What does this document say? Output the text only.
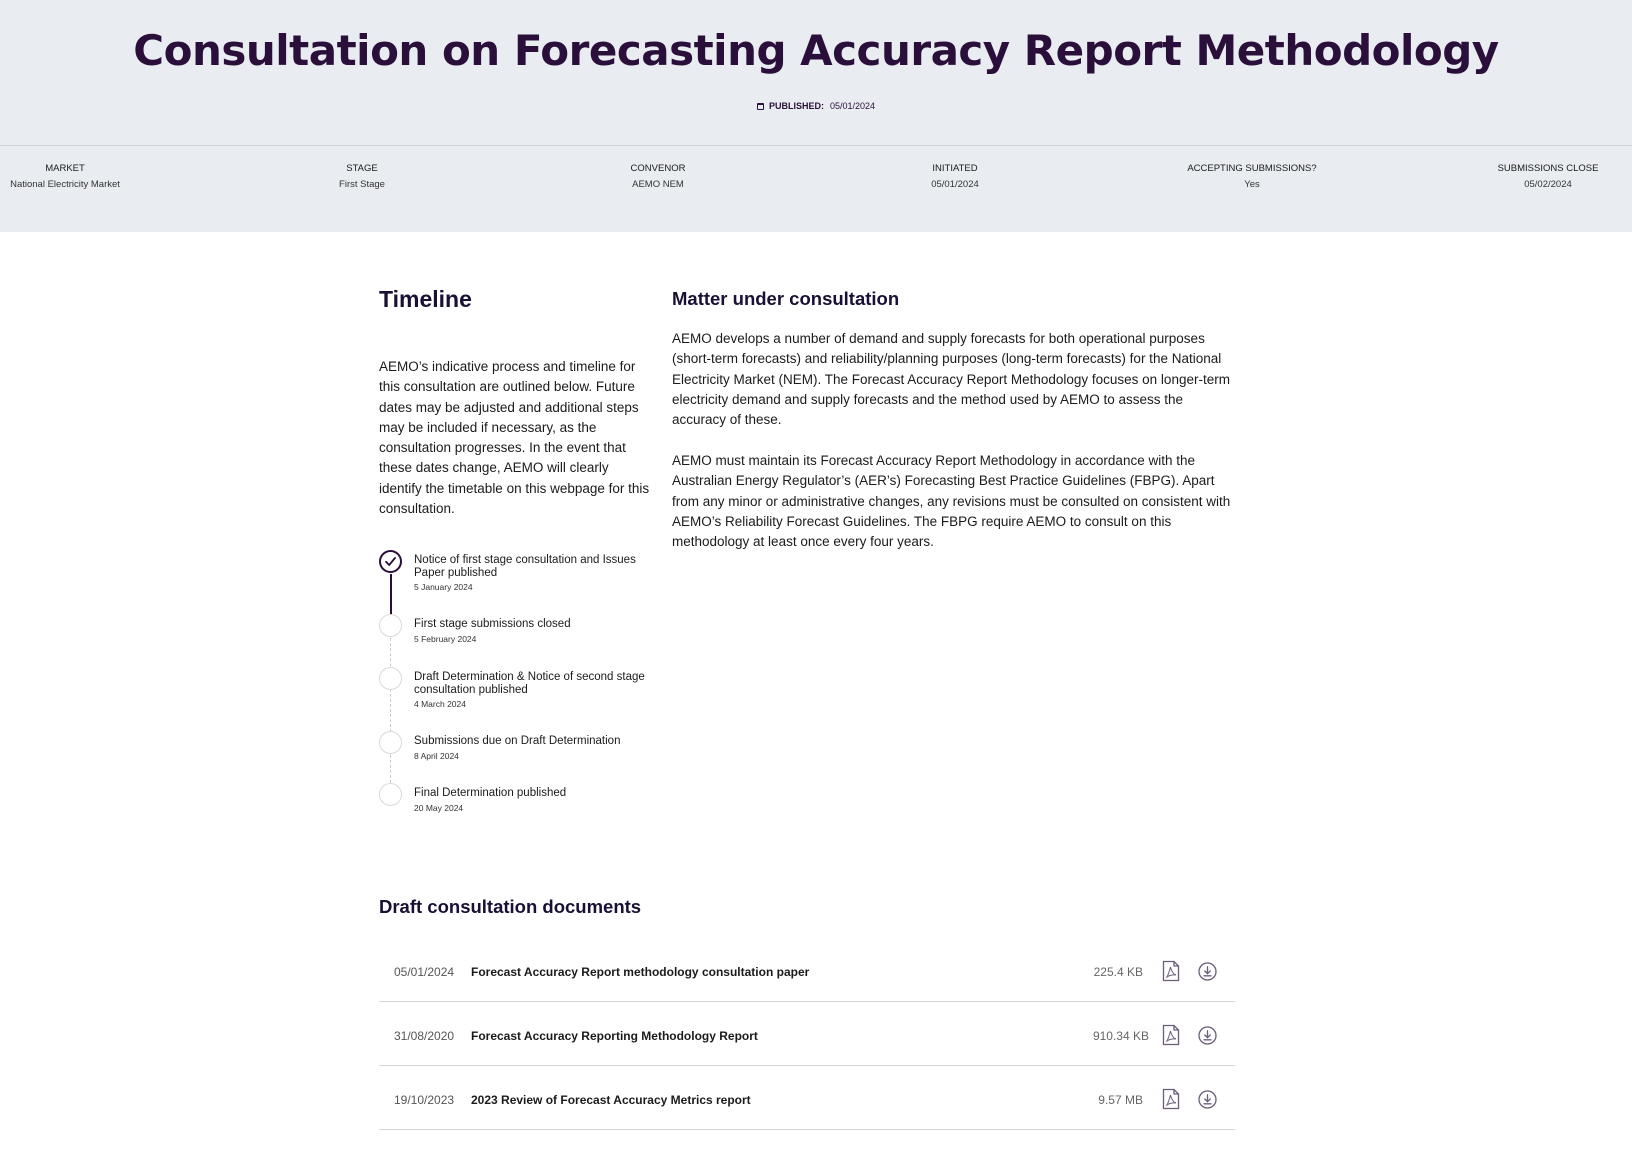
Consultation on Forecasting Accuracy Report Methodology
PUBLISHED: 05/01/2024
MARKET
National Electricity Market
STAGE
First Stage
CONVENOR
AEMO NEM
INITIATED
05/01/2024
ACCEPTING SUBMISSIONS?
Yes
SUBMISSIONS CLOSE
05/02/2024
Timeline

AEMO’s indicative process and timeline for this consultation are outlined below. Future dates may be adjusted and additional steps may be included if necessary, as the consultation progresses. In the event that these dates change, AEMO will clearly identify the timetable on this webpage for this consultation.

Notice of first stage consultation and Issues Paper published
5 January 2024
First stage submissions closed
5 February 2024
Draft Determination & Notice of second stage consultation published
4 March 2024
Submissions due on Draft Determination
8 April 2024
Final Determination published
20 May 2024
Matter under consultation

AEMO develops a number of demand and supply forecasts for both operational purposes (short-term forecasts) and reliability/planning purposes (long-term forecasts) for the National Electricity Market (NEM). The Forecast Accuracy Report Methodology focuses on longer-term electricity demand and supply forecasts and the method used by AEMO to assess the accuracy of these.

AEMO must maintain its Forecast Accuracy Report Methodology in accordance with the Australian Energy Regulator’s (AER’s) Forecasting Best Practice Guidelines (FBPG). Apart from any minor or administrative changes, any revisions must be consulted on consistent with AEMO’s Reliability Forecast Guidelines. The FBPG require AEMO to consult on this methodology at least once every four years.

Draft consultation documents
05/01/2024 Forecast Accuracy Report methodology consultation paper	225.4 KB
31/08/2020 Forecast Accuracy Reporting Methodology Report	910.34 KB
19/10/2023 2023 Review of Forecast Accuracy Metrics report	9.57 MB
